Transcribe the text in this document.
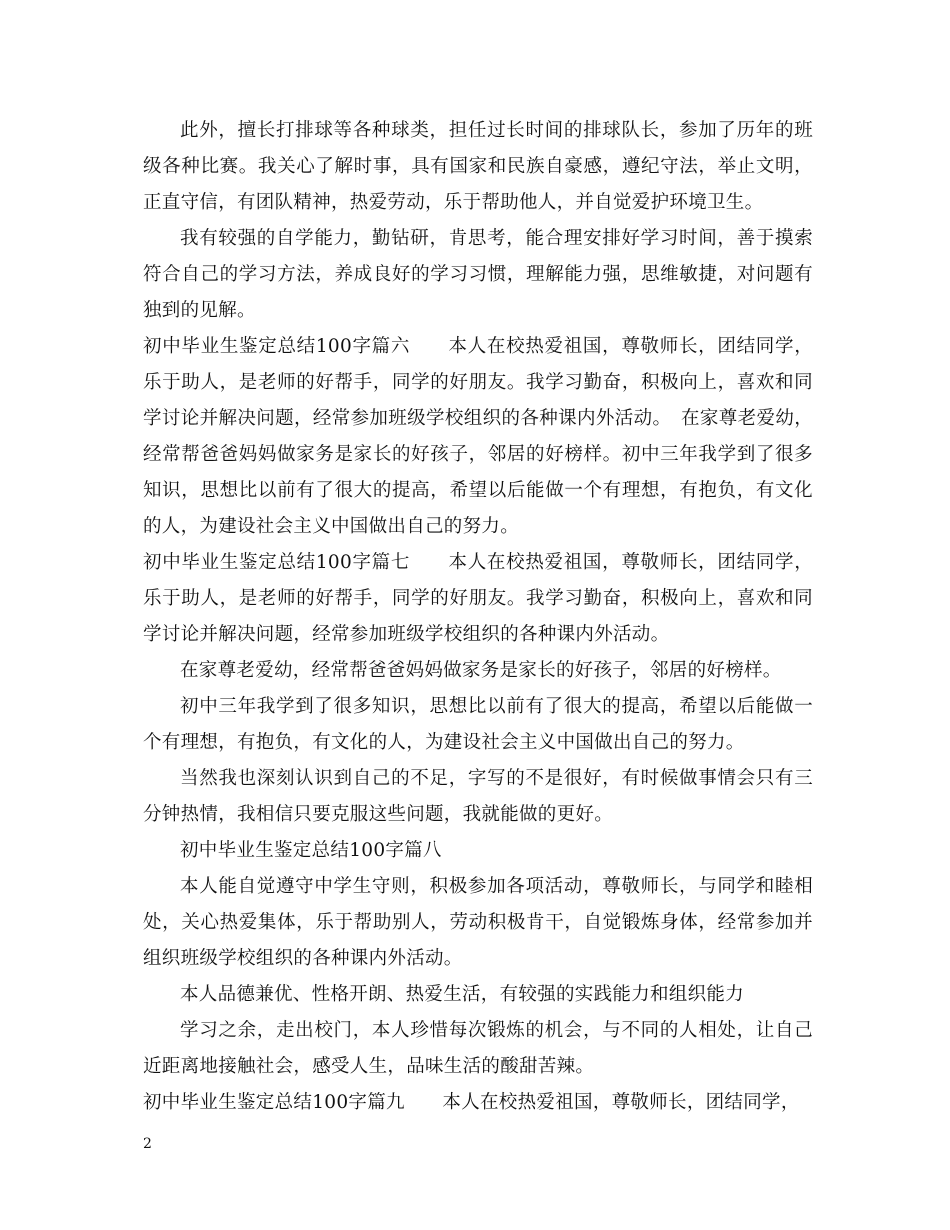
此外，擅长打排球等各种球类，担任过长时间的排球队长，参加了历年的班级各种比赛。我关心了解时事，具有国家和民族自豪感，遵纪守法，举止文明，正直守信，有团队精神，热爱劳动，乐于帮助他人，并自觉爱护环境卫生。

我有较强的自学能力，勤钻研，肯思考，能合理安排好学习时间，善于摸索符合自己的学习方法，养成良好的学习习惯，理解能力强，思维敏捷，对问题有独到的见解。

初中毕业生鉴定总结100字篇六　　本人在校热爱祖国，尊敬师长，团结同学，乐于助人，是老师的好帮手，同学的好朋友。我学习勤奋，积极向上，喜欢和同学讨论并解决问题，经常参加班级学校组织的各种课内外活动。　在家尊老爱幼，经常帮爸爸妈妈做家务是家长的好孩子，邻居的好榜样。初中三年我学到了很多知识，思想比以前有了很大的提高，希望以后能做一个有理想，有抱负，有文化的人，为建设社会主义中国做出自己的努力。

初中毕业生鉴定总结100字篇七　　本人在校热爱祖国，尊敬师长，团结同学，乐于助人，是老师的好帮手，同学的好朋友。我学习勤奋，积极向上，喜欢和同学讨论并解决问题，经常参加班级学校组织的各种课内外活动。

在家尊老爱幼，经常帮爸爸妈妈做家务是家长的好孩子，邻居的好榜样。

初中三年我学到了很多知识，思想比以前有了很大的提高，希望以后能做一个有理想，有抱负，有文化的人，为建设社会主义中国做出自己的努力。

当然我也深刻认识到自己的不足，字写的不是很好，有时候做事情会只有三分钟热情，我相信只要克服这些问题，我就能做的更好。

初中毕业生鉴定总结100字篇八

本人能自觉遵守中学生守则，积极参加各项活动，尊敬师长，与同学和睦相处，关心热爱集体，乐于帮助别人，劳动积极肯干，自觉锻炼身体，经常参加并组织班级学校组织的各种课内外活动。

本人品德兼优、性格开朗、热爱生活，有较强的实践能力和组织能力

学习之余，走出校门，本人珍惜每次锻炼的机会，与不同的人相处，让自己近距离地接触社会，感受人生，品味生活的酸甜苦辣。

初中毕业生鉴定总结100字篇九　　本人在校热爱祖国，尊敬师长，团结同学，

2
